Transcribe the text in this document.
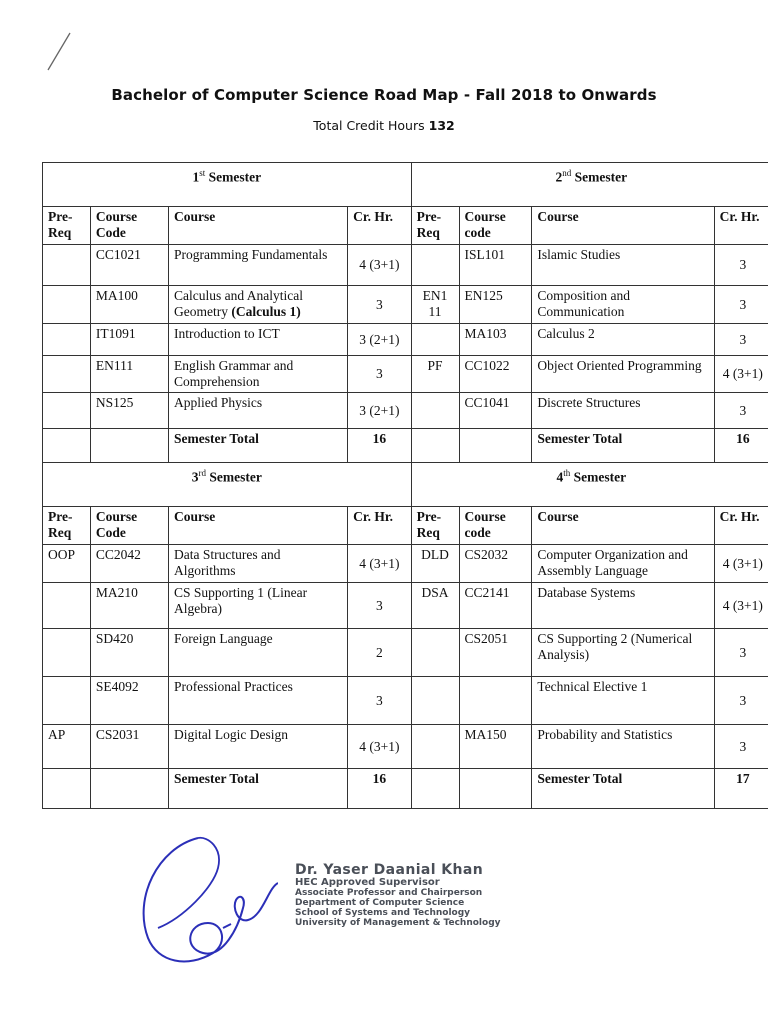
Bachelor of Computer Science Road Map - Fall 2018 to Onwards
Total Credit Hours 132
1st Semester				2nd Semester			
Pre-Req	Course Code	Course	Cr. Hr.	Pre-Req	Course code	Course	Cr. Hr.
	CC1021	Programming Fundamentals	4 (3+1)		ISL101	Islamic Studies	3
	MA100	Calculus and Analytical Geometry (Calculus 1)	3	EN1 11	EN125	Composition and Communication	3
	IT1091	Introduction to ICT	3 (2+1)		MA103	Calculus 2	3
	EN111	English Grammar and Comprehension	3	PF	CC1022	Object Oriented Programming	4 (3+1)
	NS125	Applied Physics	3 (2+1)		CC1041	Discrete Structures	3
		Semester Total	16			Semester Total	16
3rd Semester				4th Semester			
Pre-Req	Course Code	Course	Cr. Hr.	Pre-Req	Course code	Course	Cr. Hr.
OOP	CC2042	Data Structures and Algorithms	4 (3+1)	DLD	CS2032	Computer Organization and Assembly Language	4 (3+1)
	MA210	CS Supporting 1 (Linear Algebra)	3	DSA	CC2141	Database Systems	4 (3+1)
	SD420	Foreign Language	2		CS2051	CS Supporting 2 (Numerical Analysis)	3
	SE4092	Professional Practices	3			Technical Elective 1	3
AP	CS2031	Digital Logic Design	4 (3+1)		MA150	Probability and Statistics	3
		Semester Total	16			Semester Total	17
Dr. Yaser Daanial Khan
HEC Approved Supervisor
Associate Professor and Chairperson
Department of Computer Science
School of Systems and Technology
University of Management & Technology
